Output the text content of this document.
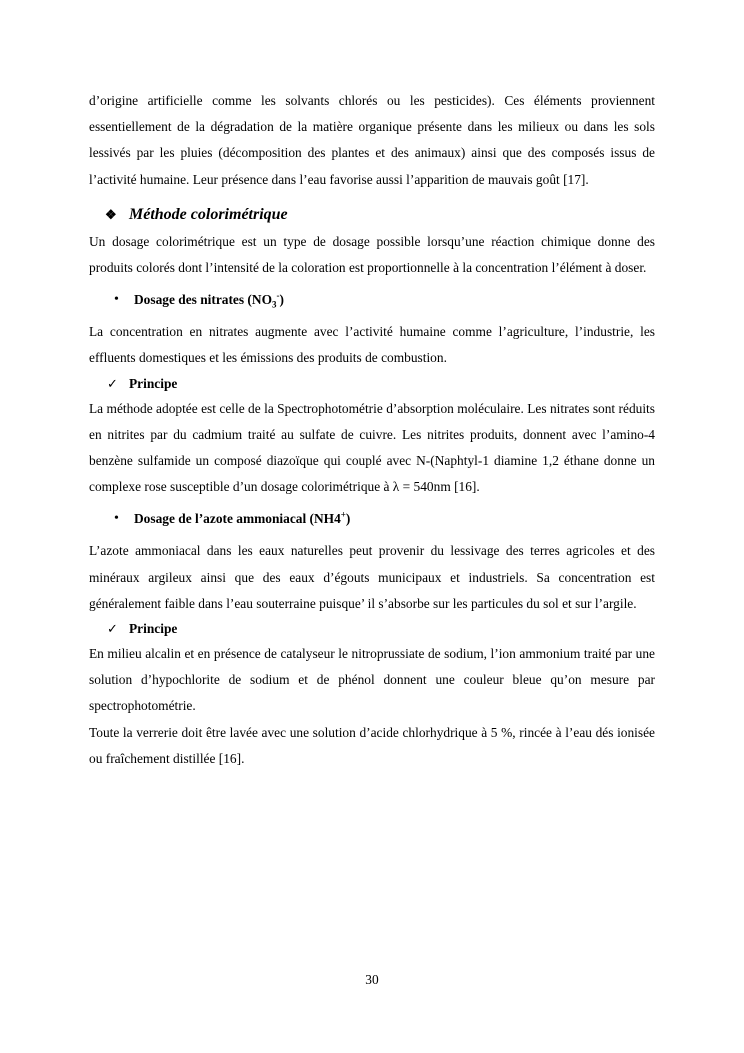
d’origine artificielle comme les solvants chlorés ou les pesticides). Ces éléments proviennent essentiellement de la dégradation de la matière organique présente dans les milieux ou dans les sols lessivés par les pluies (décomposition des plantes et des animaux) ainsi que des composés issus de l’activité humaine. Leur présence dans l’eau favorise aussi l’apparition de mauvais goût [17].

❖ Méthode colorimétrique

Un dosage colorimétrique est un type de dosage possible lorsqu’une réaction chimique donne des produits colorés dont l’intensité de la coloration est proportionnelle à la concentration l’élément à doser.

•	Dosage des nitrates $(NO_3^-)$

La concentration en nitrates augmente avec l’activité humaine comme l’agriculture, l’industrie, les effluents domestiques et les émissions des produits de combustion.

✓ Principe

La méthode adoptée est celle de la Spectrophotométrie d’absorption moléculaire. Les nitrates sont réduits en nitrites par du cadmium traité au sulfate de cuivre. Les nitrites produits, donnent avec l’amino-4 benzène sulfamide un composé diazoïque qui couplé avec N-(Naphtyl-1 diamine 1,2 éthane donne un complexe rose susceptible d’un dosage colorimétrique à λ = 540nm [16].

•	Dosage de l’azote ammoniacal (NH4+)

L’azote ammoniacal dans les eaux naturelles peut provenir du lessivage des terres agricoles et des minéraux argileux ainsi que des eaux d’égouts municipaux et industriels. Sa concentration est généralement faible dans l’eau souterraine puisque’ il s’absorbe sur les particules du sol et sur l’argile.

✓ Principe

En milieu alcalin et en présence de catalyseur le nitroprussiate de sodium, l’ion ammonium traité par une solution d’hypochlorite de sodium et de phénol donnent une couleur bleue qu’on mesure par spectrophotométrie.

Toute la verrerie doit être lavée avec une solution d’acide chlorhydrique à 5 %, rincée à l’eau dés ionisée ou fraîchement distillée [16].

30
